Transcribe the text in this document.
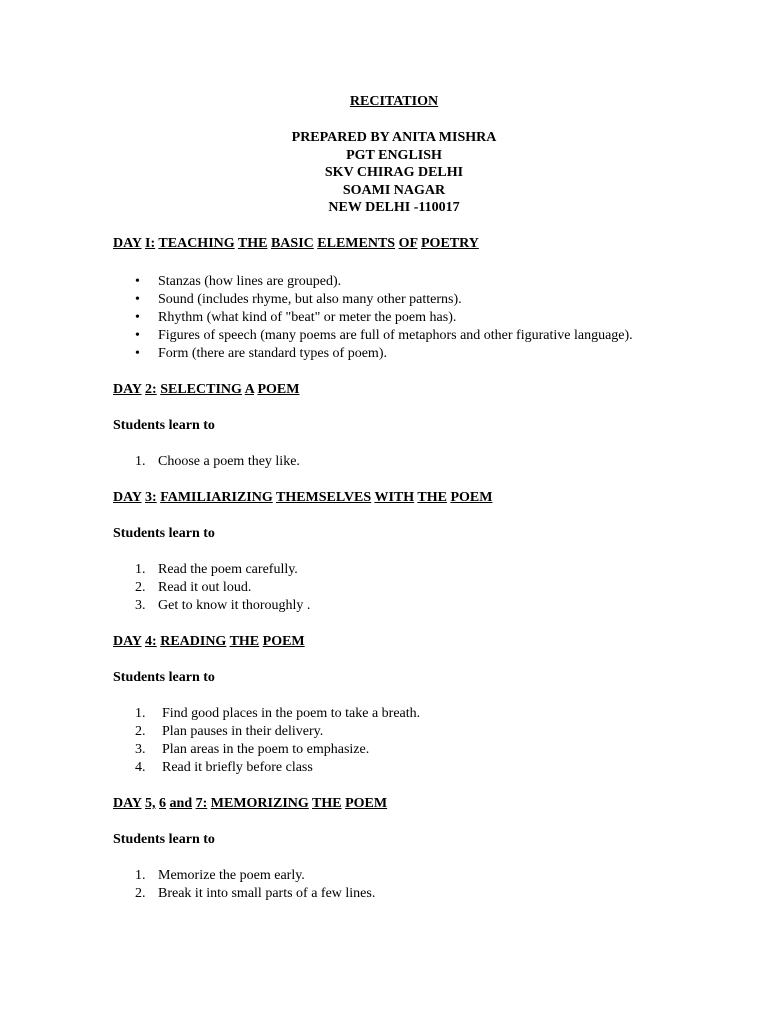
RECITATION
PREPARED BY ANITA MISHRA
PGT ENGLISH
SKV CHIRAG DELHI
SOAMI NAGAR
NEW DELHI -110017
DAY I: TEACHING THE BASIC ELEMENTS OF POETRY
• Stanzas (how lines are grouped).
• Sound (includes rhyme, but also many other patterns).
• Rhythm (what kind of "beat" or meter the poem has).
• Figures of speech (many poems are full of metaphors and other figurative language).
• Form (there are standard types of poem).
DAY 2: SELECTING A POEM
Students learn to
1. Choose a poem they like.
DAY 3: FAMILIARIZING THEMSELVES WITH THE POEM
Students learn to
1. Read the poem carefully.
2. Read it out loud.
3. Get to know it thoroughly .
DAY 4: READING THE POEM
Students learn to
1. Find good places in the poem to take a breath.
2. Plan pauses in their delivery.
3. Plan areas in the poem to emphasize.
4. Read it briefly before class
DAY 5, 6 and 7: MEMORIZING THE POEM
Students learn to
1. Memorize the poem early.
2. Break it into small parts of a few lines.
